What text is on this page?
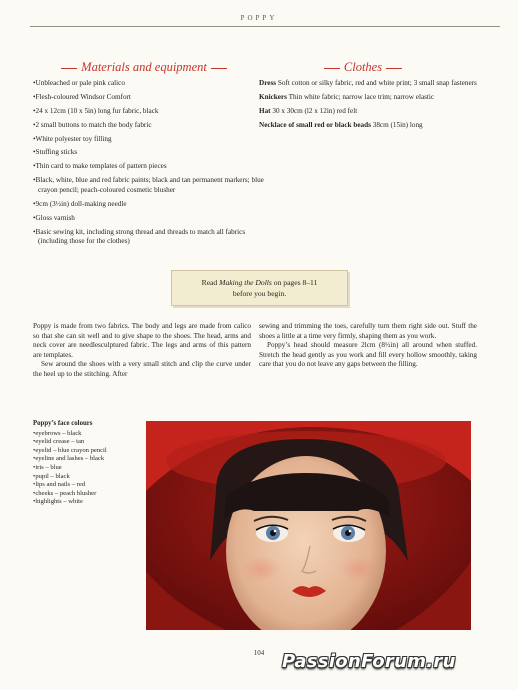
POPPY
Materials and equipment	Clothes
• Unbleached or pale pink calico
• Flesh-coloured Windsor Comfort
• 24 x 12cm (10 x 5in) long fur fabric, black
• 2 small buttons to match the body fabric
• White polyester toy filling
• Stuffing sticks
• Thin card to make templates of pattern pieces
• Black, white, blue and red fabric paints; black and tan permanent markers; blue crayon pencil; peach-coloured cosmetic blusher
• 9cm (3½in) doll-making needle
• Gloss varnish
• Basic sewing kit, including strong thread and threads to match all fabrics (including those for the clothes)

Dress Soft cotton or silky fabric, red and white print; 3 small snap fasteners

Knickers Thin white fabric; narrow lace trim; narrow elastic

Hat 30 x 30cm (l2 x 12in) red felt

Necklace of small red or black beads 38cm (15in) long

Read Making the Dolls on pages 8–11
before you begin.

Poppy is made from two fabrics. The body and legs are made from calico so that she can sit well and to give shape to the shoes. The head, arms and neck cover are needlesculptured fabric. The legs and arms of this pattern are templates.

Sew around the shoes with a very small stitch and clip the curve under the heel up to the stitching. After

sewing and trimming the toes, carefully turn them right side out. Stuff the shoes a little at a time very firmly, shaping them as you work.

Poppy’s head should measure 2lcm (8½in) all around when stuffed. Stretch the head gently as you work and fill every hollow smoothly, taking care that you do not leave any gaps between the filling.

Poppy’s face colours
• eyebrows – black
• eyelid crease – tan
• eyelid – blue crayon pencil
• eyeline and lashes – black
• iris – blue
• pupil – black
• lips and nails – red
• cheeks – peach blusher
• highlights – white
104 PassionForum.ru
